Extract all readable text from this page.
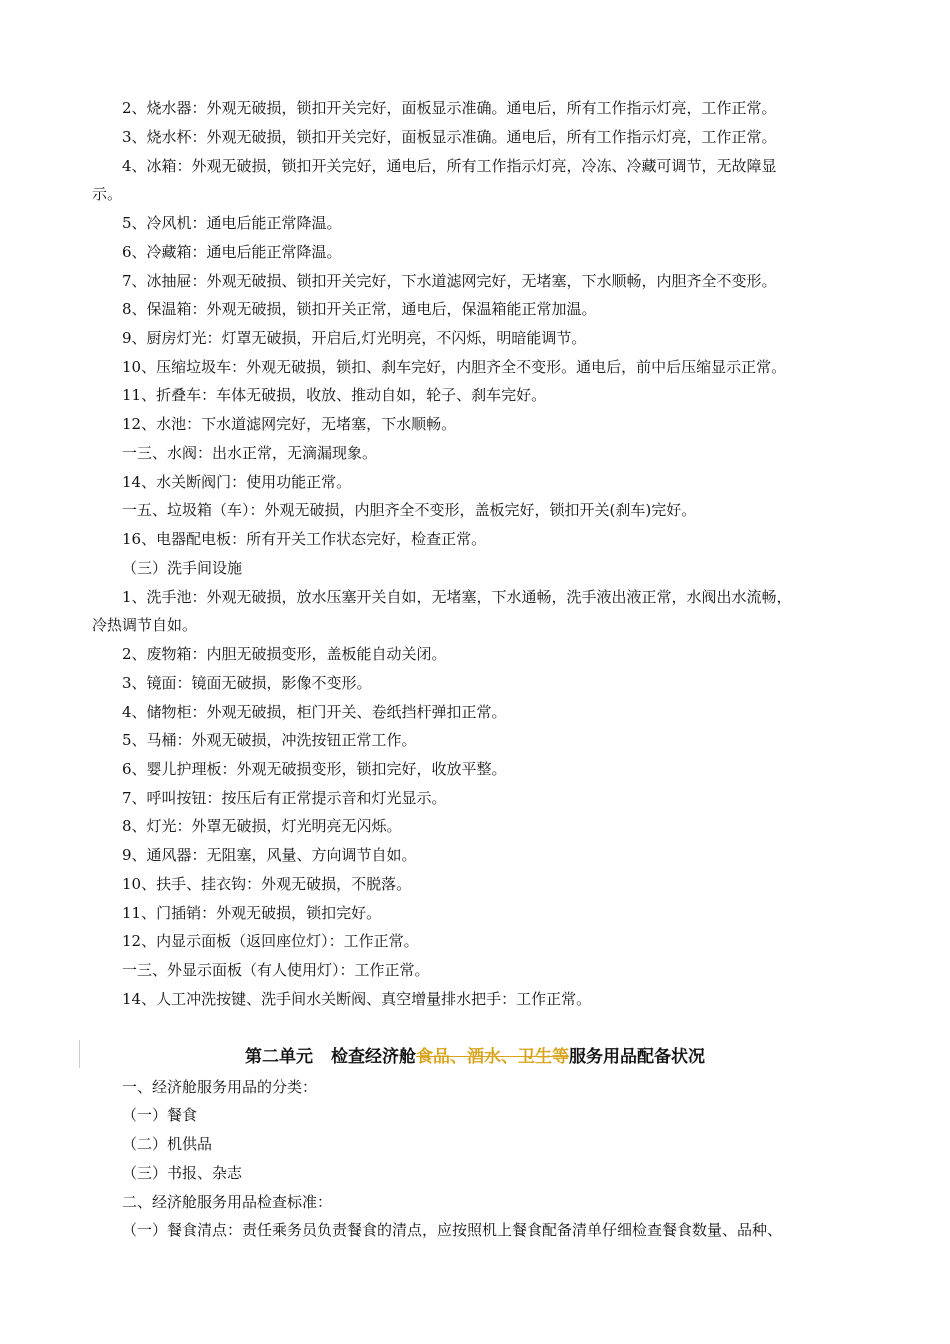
2、烧水器：外观无破损，锁扣开关完好，面板显示准确。通电后，所有工作指示灯亮，工作正常。
3、烧水杯：外观无破损，锁扣开关完好，面板显示准确。通电后，所有工作指示灯亮，工作正常。
4、冰箱：外观无破损，锁扣开关完好，通电后，所有工作指示灯亮，冷冻、冷藏可调节，无故障显
示。
5、冷风机：通电后能正常降温。
6、冷藏箱：通电后能正常降温。
7、冰抽屉：外观无破损、锁扣开关完好，下水道滤网完好，无堵塞，下水顺畅，内胆齐全不变形。
8、保温箱：外观无破损，锁扣开关正常，通电后，保温箱能正常加温。
9、厨房灯光：灯罩无破损，开启后,灯光明亮，不闪烁，明暗能调节。
10、压缩垃圾车：外观无破损，锁扣、刹车完好，内胆齐全不变形。通电后，前中后压缩显示正常。
11、折叠车：车体无破损，收放、推动自如，轮子、刹车完好。
12、水池：下水道滤网完好，无堵塞，下水顺畅。
一三、水阀：出水正常，无滴漏现象。
14、水关断阀门：使用功能正常。
一五、垃圾箱（车）：外观无破损，内胆齐全不变形，盖板完好，锁扣开关(刹车)完好。
16、电器配电板：所有开关工作状态完好，检查正常。
（三）洗手间设施
1、洗手池：外观无破损，放水压塞开关自如，无堵塞，下水通畅，洗手液出液正常，水阀出水流畅，
冷热调节自如。
2、废物箱：内胆无破损变形，盖板能自动关闭。
3、镜面：镜面无破损，影像不变形。
4、储物柜：外观无破损，柜门开关、卷纸挡杆弹扣正常。
5、马桶：外观无破损，冲洗按钮正常工作。
6、婴儿护理板：外观无破损变形，锁扣完好，收放平整。
7、呼叫按钮：按压后有正常提示音和灯光显示。
8、灯光：外罩无破损，灯光明亮无闪烁。
9、通风器：无阻塞，风量、方向调节自如。
10、扶手、挂衣钩：外观无破损，不脱落。
11、门插销：外观无破损，锁扣完好。
12、内显示面板（返回座位灯）：工作正常。
一三、外显示面板（有人使用灯）：工作正常。
14、人工冲洗按键、洗手间水关断阀、真空增量排水把手：工作正常。
第二单元 检查经济舱食品、酒水、卫生等服务用品配备状况
一、经济舱服务用品的分类：
（一）餐食
（二）机供品
（三）书报、杂志
二、经济舱服务用品检查标准：
（一）餐食清点：责任乘务员负责餐食的清点，应按照机上餐食配备清单仔细检查餐食数量、品种、
